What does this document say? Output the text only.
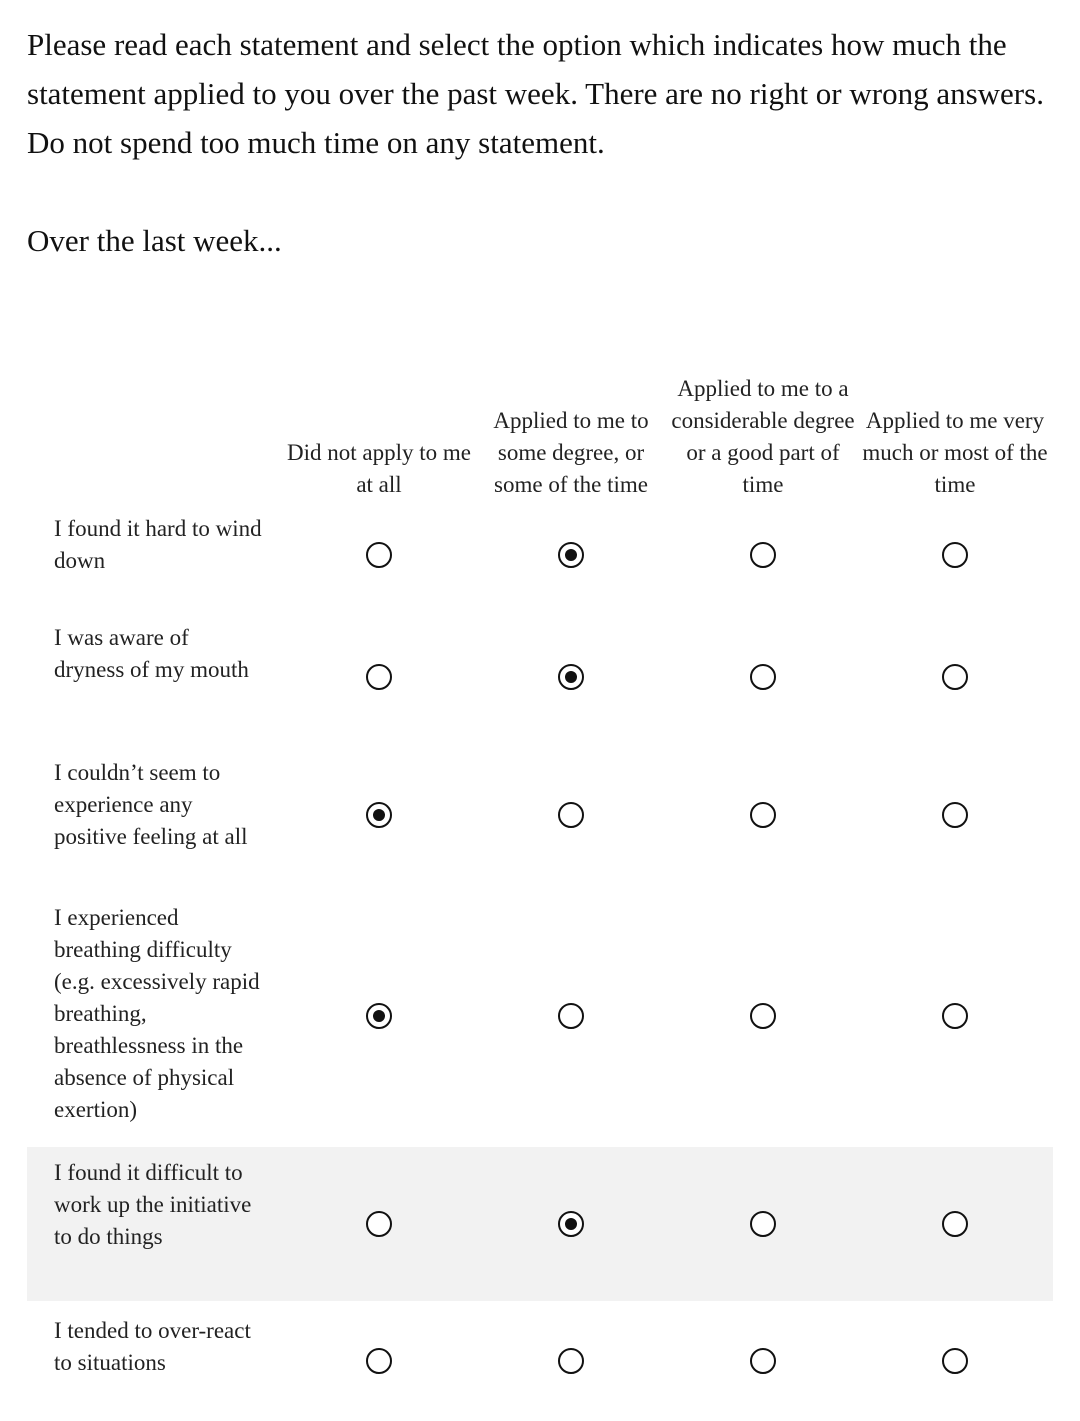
Please read each statement and select the option which indicates how much the statement applied to you over the past week. There are no right or wrong answers. Do not spend too much time on any statement.

Over the last week...

Did not apply to me at all
Applied to me to some degree, or some of the time
Applied to me to a considerable degree or a good part of time
Applied to me very much or most of the time
I found it hard to wind down
I was aware of dryness of my mouth
I couldn’t seem to experience any positive feeling at all
I experienced breathing difficulty (e.g. excessively rapid breathing, breathlessness in the absence of physical exertion)
I found it difficult to work up the initiative to do things
I tended to over-react to situations
